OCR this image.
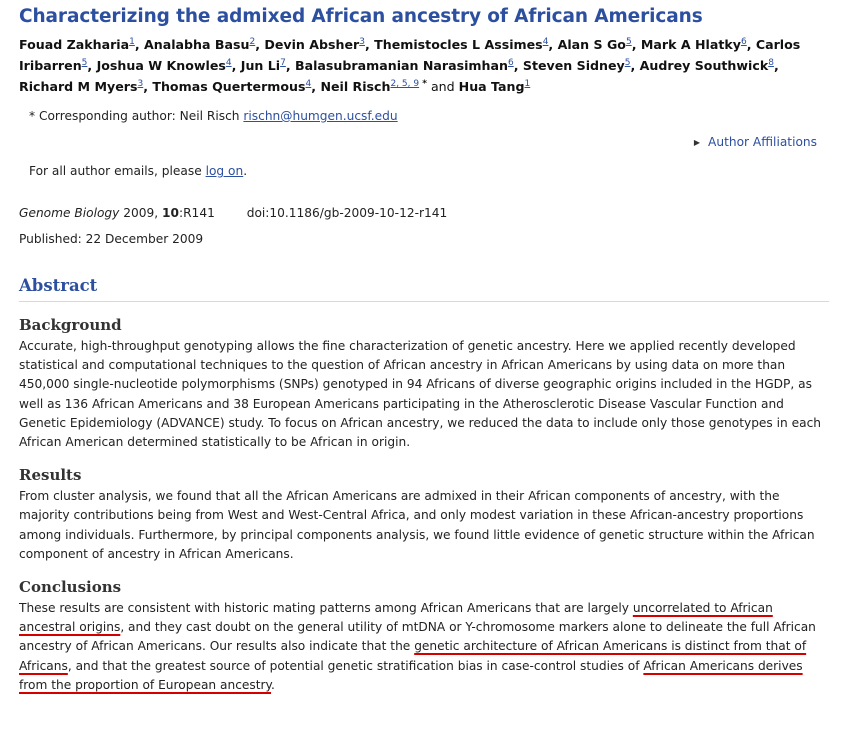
Characterizing the admixed African ancestry of African Americans
Fouad Zakharia$^1$, Analabha Basu$^2$, Devin Absher$^3$, Themistocles L Assimes$^4$, Alan S Go$^5$, Mark A Hlatky$^6$, Carlos Iribarren$^5$, Joshua W Knowles$^4$, Jun Li$^7$, Balasubramanian Narasimhan$^6$, Steven Sidney$^5$, Audrey Southwick$^8$, Richard M Myers$^3$, Thomas Quertermous$^4$, Neil Risch$^{2, 5, 9}$ * and Hua Tang$^1$
* Corresponding author: Neil Risch rischn@humgen.ucsf.edu
▶ Author Affiliations
For all author emails, please log on.
Genome Biology 2009, 10:R141	doi:10.1186/gb-2009-10-12-r141
Published: 22 December 2009
Abstract
Background
Accurate, high-throughput genotyping allows the fine characterization of genetic ancestry. Here we applied recently developed statistical and computational techniques to the question of African ancestry in African Americans by using data on more than 450,000 single-nucleotide polymorphisms (SNPs) genotyped in 94 Africans of diverse geographic origins included in the HGDP, as well as 136 African Americans and 38 European Americans participating in the Atherosclerotic Disease Vascular Function and Genetic Epidemiology (ADVANCE) study. To focus on African ancestry, we reduced the data to include only those genotypes in each African American determined statistically to be African in origin.
Results
From cluster analysis, we found that all the African Americans are admixed in their African components of ancestry, with the majority contributions being from West and West-Central Africa, and only modest variation in these African-ancestry proportions among individuals. Furthermore, by principal components analysis, we found little evidence of genetic structure within the African component of ancestry in African Americans.
Conclusions
These results are consistent with historic mating patterns among African Americans that are largely uncorrelated to African ancestral origins, and they cast doubt on the general utility of mtDNA or Y-chromosome markers alone to delineate the full African ancestry of African Americans. Our results also indicate that the genetic architecture of African Americans is distinct from that of Africans, and that the greatest source of potential genetic stratification bias in case-control studies of African Americans derives from the proportion of European ancestry.
